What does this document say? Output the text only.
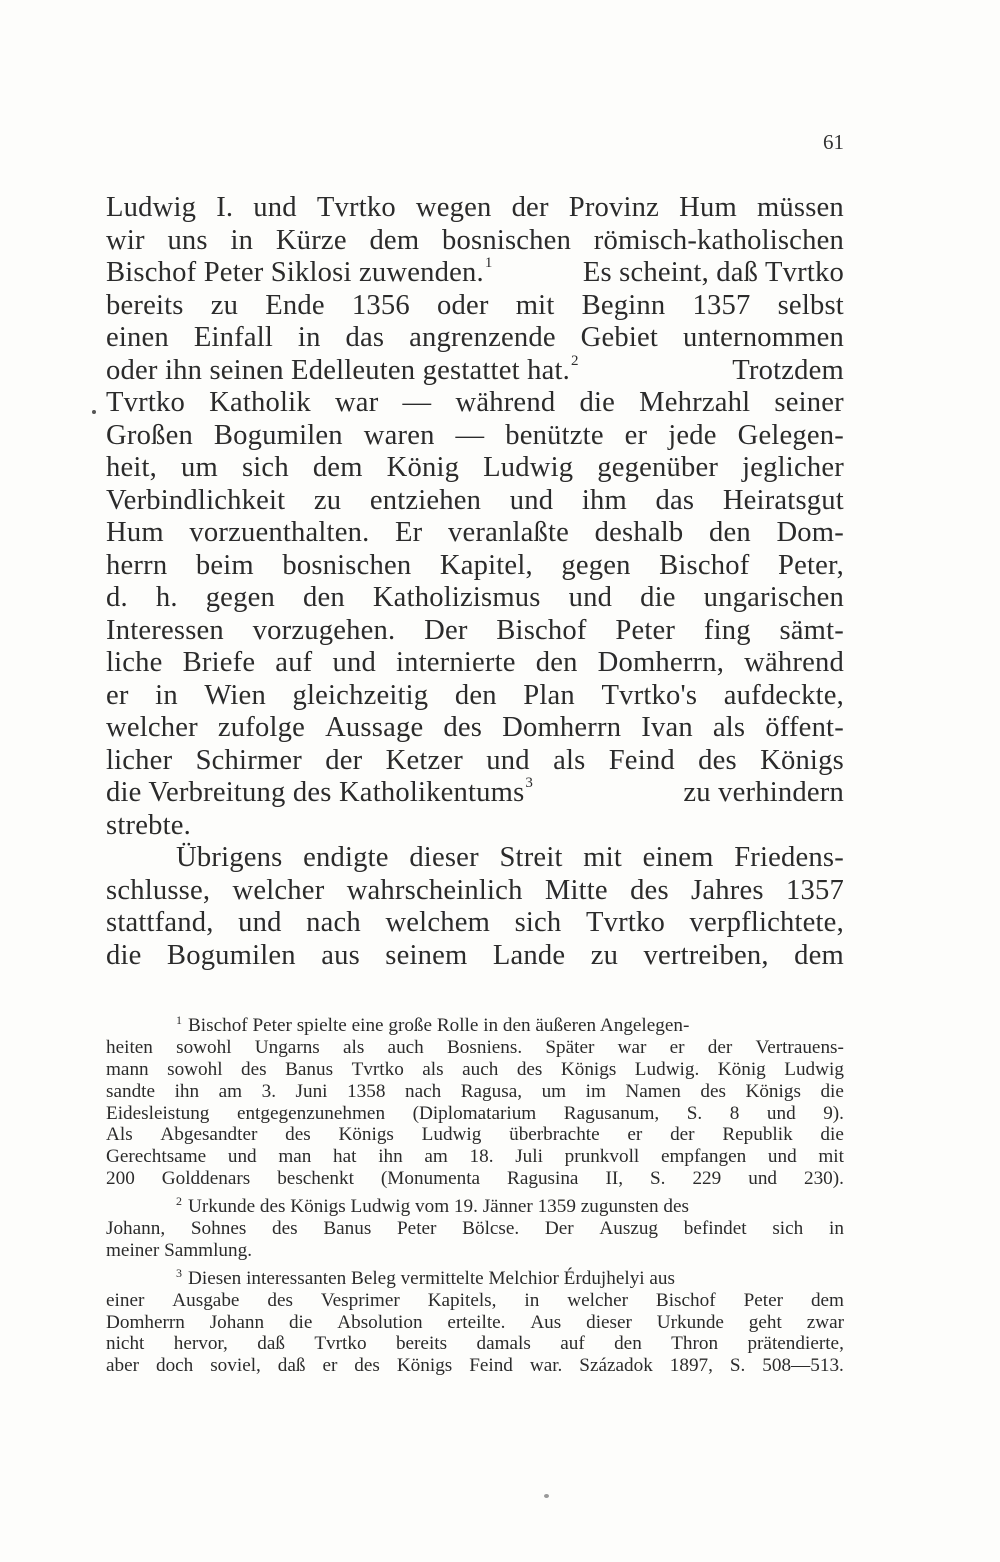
61
Ludwig I. und Tvrtko wegen der Provinz Hum müssen
wir uns in Kürze dem bosnischen römisch-katholischen
Bischof Peter Siklosi zuwenden.$^1$	Es scheint, daß Tvrtko
bereits zu Ende 1356 oder mit Beginn 1357 selbst
einen Einfall in das angrenzende Gebiet unternommen
oder ihn seinen Edelleuten gestattet hat.$^2$	Trotzdem
Tvrtko Katholik war — während die Mehrzahl seiner
Großen Bogumilen waren — benützte er jede Gelegen-
heit, um sich dem König Ludwig gegenüber jeglicher
Verbindlichkeit zu entziehen und ihm das Heiratsgut
Hum vorzuenthalten. Er veranlaßte deshalb den Dom-
herrn beim bosnischen Kapitel, gegen Bischof Peter,
d. h. gegen den Katholizismus und die ungarischen
Interessen vorzugehen. Der Bischof Peter fing sämt-
liche Briefe auf und internierte den Domherrn, während
er in Wien gleichzeitig den Plan Tvrtko's aufdeckte,
welcher zufolge Aussage des Domherrn Ivan als öffent-
licher Schirmer der Ketzer und als Feind des Königs
die Verbreitung des Katholikentums$^3$	zu verhindern
strebte.
Übrigens endigte dieser Streit mit einem Friedens-
schlusse, welcher wahrscheinlich Mitte des Jahres 1357
stattfand, und nach welchem sich Tvrtko verpflichtete,
die Bogumilen aus seinem Lande zu vertreiben, dem
$^1$ Bischof Peter spielte eine große Rolle in den äußeren Angelegen-
heiten sowohl Ungarns als auch Bosniens. Später war er der Vertrauens-
mann sowohl des Banus Tvrtko als auch des Königs Ludwig. König Ludwig
sandte ihn am 3. Juni 1358 nach Ragusa, um im Namen des Königs die
Eidesleistung entgegenzunehmen (Diplomatarium Ragusanum, S. 8 und 9).
Als Abgesandter des Königs Ludwig überbrachte er der Republik die
Gerechtsame und man hat ihn am 18. Juli prunkvoll empfangen und mit
200 Golddenars beschenkt (Monumenta Ragusina II, S. 229 und 230).
$^2$ Urkunde des Königs Ludwig vom 19. Jänner 1359 zugunsten des
Johann, Sohnes des Banus Peter Bölcse. Der Auszug befindet sich in
meiner Sammlung.
$^3$ Diesen interessanten Beleg vermittelte Melchior Érdujhelyi aus
einer Ausgabe des Vesprimer Kapitels, in welcher Bischof Peter dem
Domherrn Johann die Absolution erteilte. Aus dieser Urkunde geht zwar
nicht hervor, daß Tvrtko bereits damals auf den Thron prätendierte,
aber doch soviel, daß er des Königs Feind war. Századok 1897, S. 508—513.
